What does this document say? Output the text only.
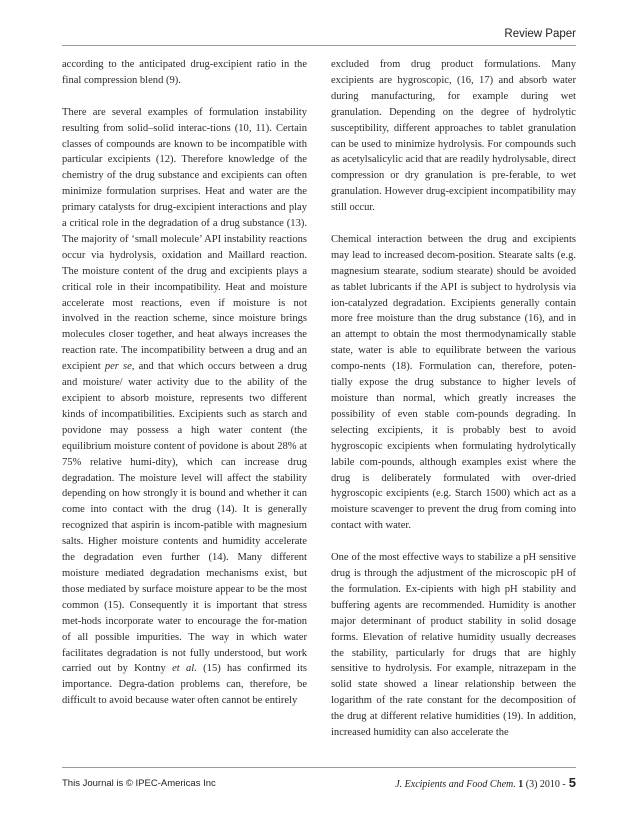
Review Paper

according to the anticipated drug-excipient ratio in the final compression blend (9).

There are several examples of formulation instability resulting from solid–solid interac-tions (10, 11). Certain classes of compounds are known to be incompatible with particular excipients (12). Therefore knowledge of the chemistry of the drug substance and excipients can often minimize formulation surprises. Heat and water are the primary catalysts for drug-excipient interactions and play a critical role in the degradation of a drug substance (13). The majority of ‘small molecule’ API instability reactions occur via hydrolysis, oxidation and Maillard reaction. The moisture content of the drug and excipients plays a critical role in their incompatibility. Heat and moisture accelerate most reactions, even if moisture is not involved in the reaction scheme, since moisture brings molecules closer together, and heat always increases the reaction rate. The incompatibility between a drug and an excipient per se, and that which occurs between a drug and moisture/ water activity due to the ability of the excipient to absorb moisture, represents two different kinds of incompatibilities. Excipients such as starch and povidone may possess a high water content (the equilibrium moisture content of povidone is about 28% at 75% relative humi-dity), which can increase drug degradation. The moisture level will affect the stability depending on how strongly it is bound and whether it can come into contact with the drug (14). It is generally recognized that aspirin is incom-patible with magnesium salts. Higher moisture contents and humidity accelerate the degradation even further (14). Many different moisture mediated degradation mechanisms exist, but those mediated by surface moisture appear to be the most common (15). Consequently it is important that stress met-hods incorporate water to encourage the for-mation of all possible impurities. The way in which water facilitates degradation is not fully understood, but work carried out by Kontny et al. (15) has confirmed its importance. Degra-dation problems can, therefore, be difficult to avoid because water often cannot be entirely

excluded from drug product formulations. Many excipients are hygroscopic, (16, 17) and absorb water during manufacturing, for example during wet granulation. Depending on the degree of hydrolytic susceptibility, different approaches to tablet granulation can be used to minimize hydrolysis. For compounds such as acetylsalicylic acid that are readily hydrolysable, direct compression or dry granulation is pre-ferable, to wet granulation. However drug-excipient incompatibility may still occur.

Chemical interaction between the drug and excipients may lead to increased decom-position. Stearate salts (e.g. magnesium stearate, sodium stearate) should be avoided as tablet lubricants if the API is subject to hydrolysis via ion-catalyzed degradation. Excipients generally contain more free moisture than the drug substance (16), and in an attempt to obtain the most thermodynamically stable state, water is able to equilibrate between the various compo-nents (18). Formulation can, therefore, poten-tially expose the drug substance to higher levels of moisture than normal, which greatly increases the possibility of even stable com-pounds degrading. In selecting excipients, it is probably best to avoid hygroscopic excipients when formulating hydrolytically labile com-pounds, although examples exist where the drug is deliberately formulated with over-dried hygroscopic excipients (e.g. Starch 1500) which act as a moisture scavenger to prevent the drug from coming into contact with water.

One of the most effective ways to stabilize a pH sensitive drug is through the adjustment of the microscopic pH of the formulation. Ex-cipients with high pH stability and buffering agents are recommended. Humidity is another major determinant of product stability in solid dosage forms. Elevation of relative humidity usually decreases the stability, particularly for drugs that are highly sensitive to hydrolysis. For example, nitrazepam in the solid state showed a linear relationship between the logarithm of the rate constant for the decomposition of the drug at different relative humidities (19). In addition, increased humidity can also accelerate the

This Journal is © IPEC-Americas Inc	J. Excipients and Food Chem. 1 (3) 2010 - 5
